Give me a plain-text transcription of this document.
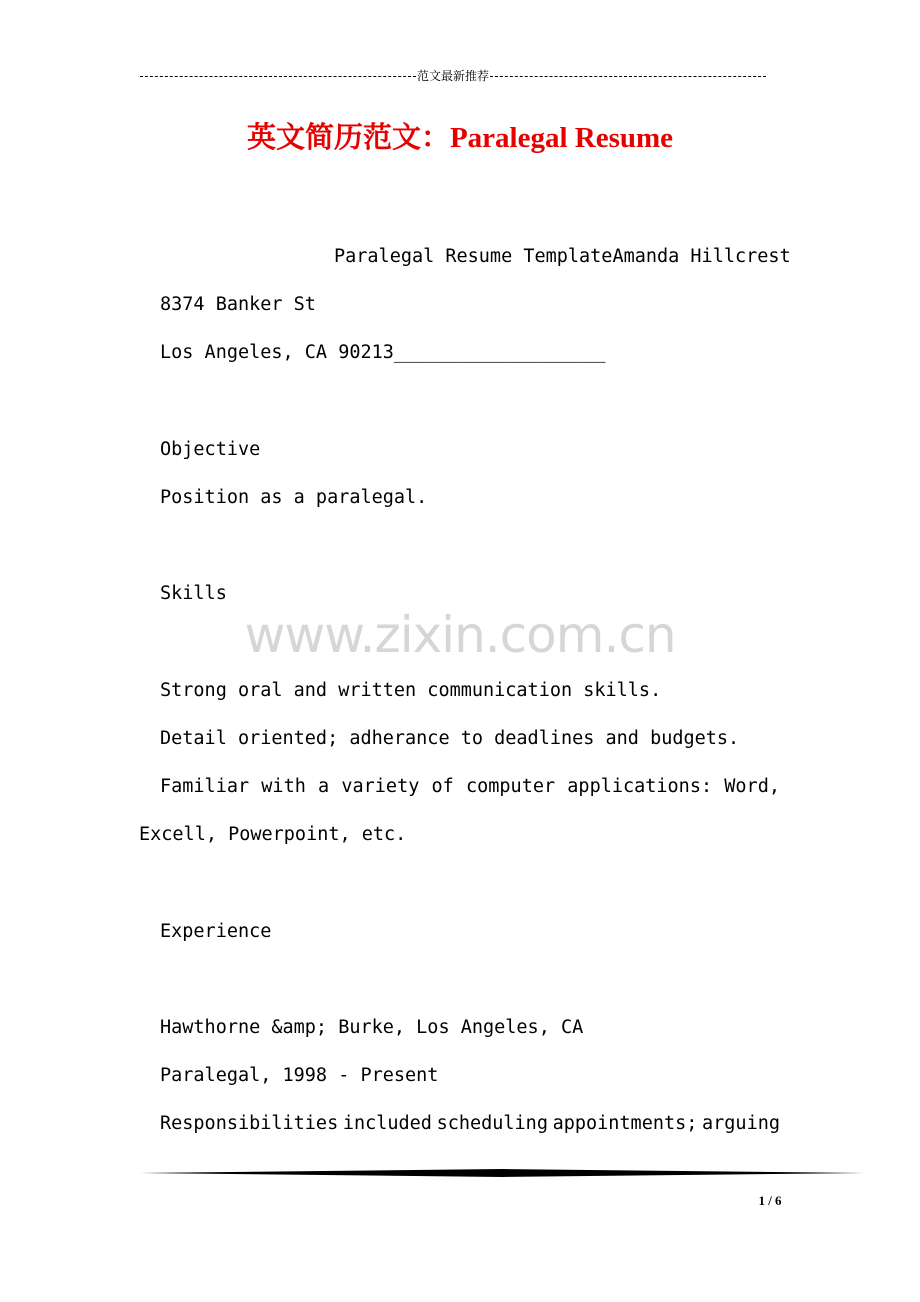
范文最新推荐
英文简历范文：Paralegal Resume
Paralegal Resume TemplateAmanda Hillcrest
8374 Banker St
Los Angeles, CA 90213___________________
Objective
Position as a paralegal.
Skills
www.zixin.com.cn
Strong oral and written communication skills.
Detail oriented; adherance to deadlines and budgets.
Familiar with a variety of computer applications: Word,
Excell, Powerpoint, etc.
Experience
Hawthorne &amp; Burke, Los Angeles, CA
Paralegal, 1998 - Present
Responsibilities included scheduling appointments; arguing
1 / 6
